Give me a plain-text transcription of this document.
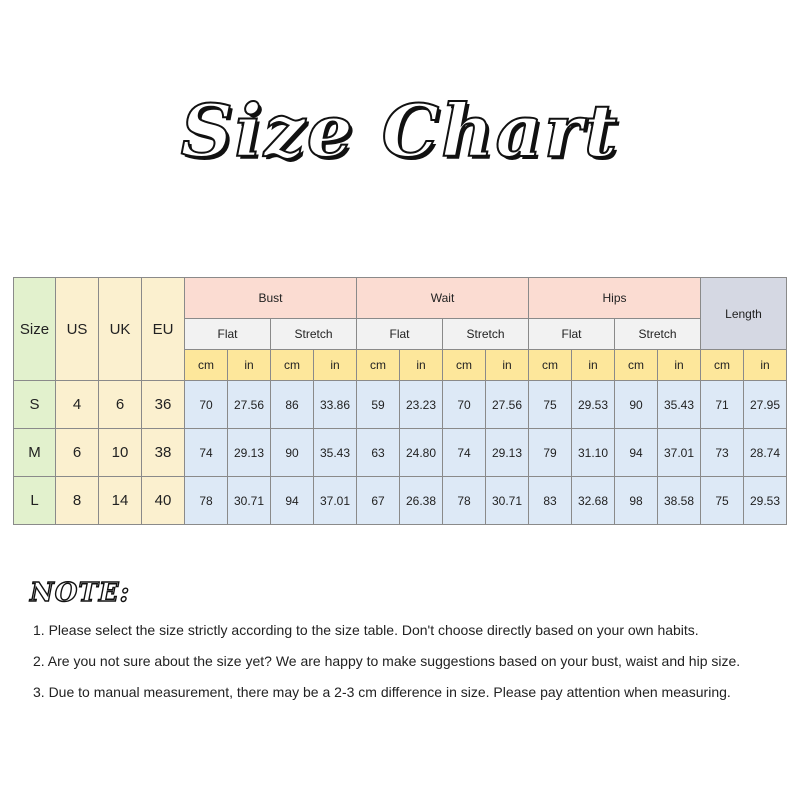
Size Chart
Size	US	UK	EU	Bust				Wait				Hips				Length	
				Flat		Stretch		Flat		Stretch		Flat		Stretch			
				cm	in	cm	in	cm	in	cm	in	cm	in	cm	in	cm	in
S	4	6	36	70	27.56	86	33.86	59	23.23	70	27.56	75	29.53	90	35.43	71	27.95
M	6	10	38	74	29.13	90	35.43	63	24.80	74	29.13	79	31.10	94	37.01	73	28.74
L	8	14	40	78	30.71	94	37.01	67	26.38	78	30.71	83	32.68	98	38.58	75	29.53
NOTE:
1. Please select the size strictly according to the size table. Don't choose directly based on your own habits.
2. Are you not sure about the size yet? We are happy to make suggestions based on your bust, waist and hip size.
3. Due to manual measurement, there may be a 2-3 cm difference in size. Please pay attention when measuring.
